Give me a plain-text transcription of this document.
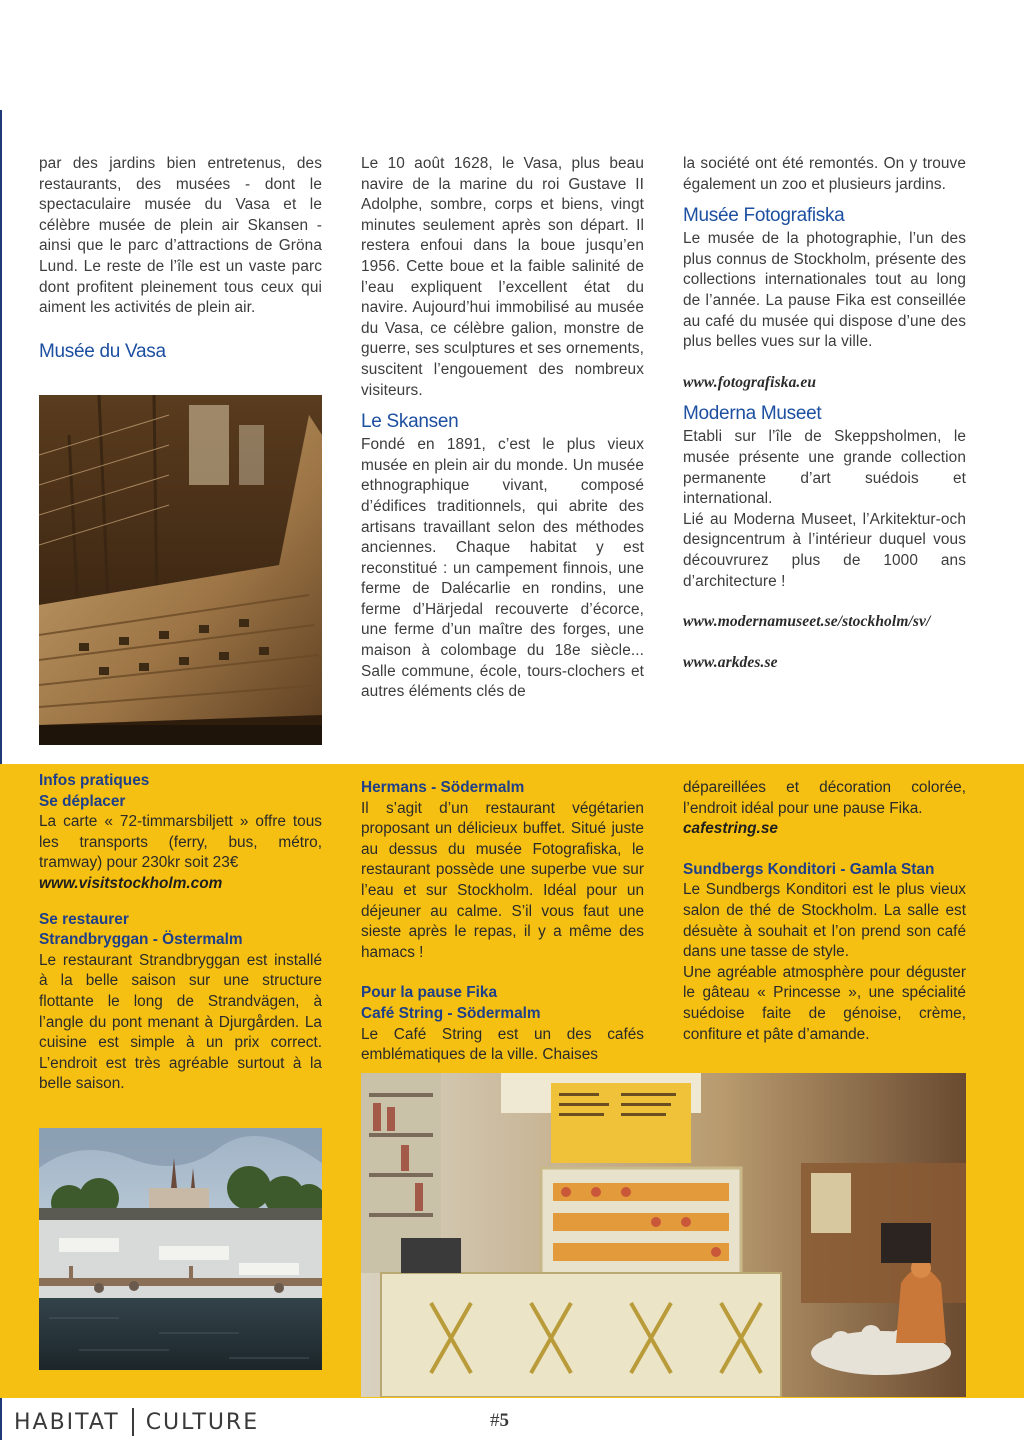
par des jardins bien entretenus, des restaurants, des musées - dont le spectaculaire musée du Vasa et le célèbre musée de plein air Skansen - ainsi que le parc d’attractions de Gröna Lund. Le reste de l’île est un vaste parc dont profitent pleinement tous ceux qui aiment les activités de plein air.

Musée du Vasa

Le 10 août 1628, le Vasa, plus beau navire de la marine du roi Gustave II Adolphe, sombre, corps et biens, vingt minutes seulement après son départ. Il restera enfoui dans la boue jusqu’en 1956. Cette boue et la faible salinité de l’eau expliquent l’excellent état du navire. Aujourd’hui immobilisé au musée du Vasa, ce célèbre galion, monstre de guerre, ses sculptures et ses ornements, suscitent l’engouement des nombreux visiteurs.

Le Skansen

Fondé en 1891, c’est le plus vieux musée en plein air du monde. Un musée ethnographique vivant, composé d’édifices traditionnels, qui abrite des artisans travaillant selon des méthodes anciennes. Chaque habitat y est reconstitué : un campement finnois, une ferme de Dalécarlie en rondins, une ferme d’Härjedal recouverte d’écorce, une ferme d’un maître des forges, une maison à colombage du 18e siècle... Salle commune, école, tours-clochers et autres éléments clés de

la société ont été remontés. On y trouve également un zoo et plusieurs jardins.

Musée Fotografiska

Le musée de la photographie, l’un des plus connus de Stockholm, présente des collections internationales tout au long de l’année. La pause Fika est conseillée au café du musée qui dispose d’une des plus belles vues sur la ville.

www.fotografiska.eu

Moderna Museet

Etabli sur l’île de Skeppsholmen, le musée présente une grande collection permanente d’art suédois et international.

Lié au Moderna Museet, l’Arkitektur-och designcentrum à l’intérieur duquel vous découvrurez plus de 1000 ans d’architecture !

www.modernamuseet.se/stockholm/sv/

www.arkdes.se

Infos pratiques

Se déplacer

La carte « 72-timmarsbiljett » offre tous les transports (ferry, bus, métro, tramway) pour 230kr soit 23€

www.visitstockholm.com

Se restaurer

Strandbryggan - Östermalm

Le restaurant Strandbryggan est installé à la belle saison sur une structure flottante le long de Strandvägen, à l’angle du pont menant à Djurgården. La cuisine est simple à un prix correct. L’endroit est très agréable surtout à la belle saison.

Hermans - Södermalm

Il s’agit d’un restaurant végétarien proposant un délicieux buffet. Situé juste au dessus du musée Fotografiska, le restaurant possède une superbe vue sur l’eau et sur Stockholm. Idéal pour un déjeuner au calme. S’il vous faut une sieste après le repas, il y a même des hamacs !

Pour la pause Fika

Café String - Södermalm

Le Café String est un des cafés emblématiques de la ville. Chaises

dépareillées et décoration colorée, l’endroit idéal pour une pause Fika.

cafestring.se

Sundbergs Konditori - Gamla Stan

Le Sundbergs Konditori est le plus vieux salon de thé de Stockholm. La salle est désuète à souhait et l’on prend son café dans une tasse de style.

Une agréable atmosphère pour déguster le gâteau « Princesse », une spécialité suédoise faite de génoise, crème, confiture et pâte d’amande.

HABITAT CULTURE	#5
